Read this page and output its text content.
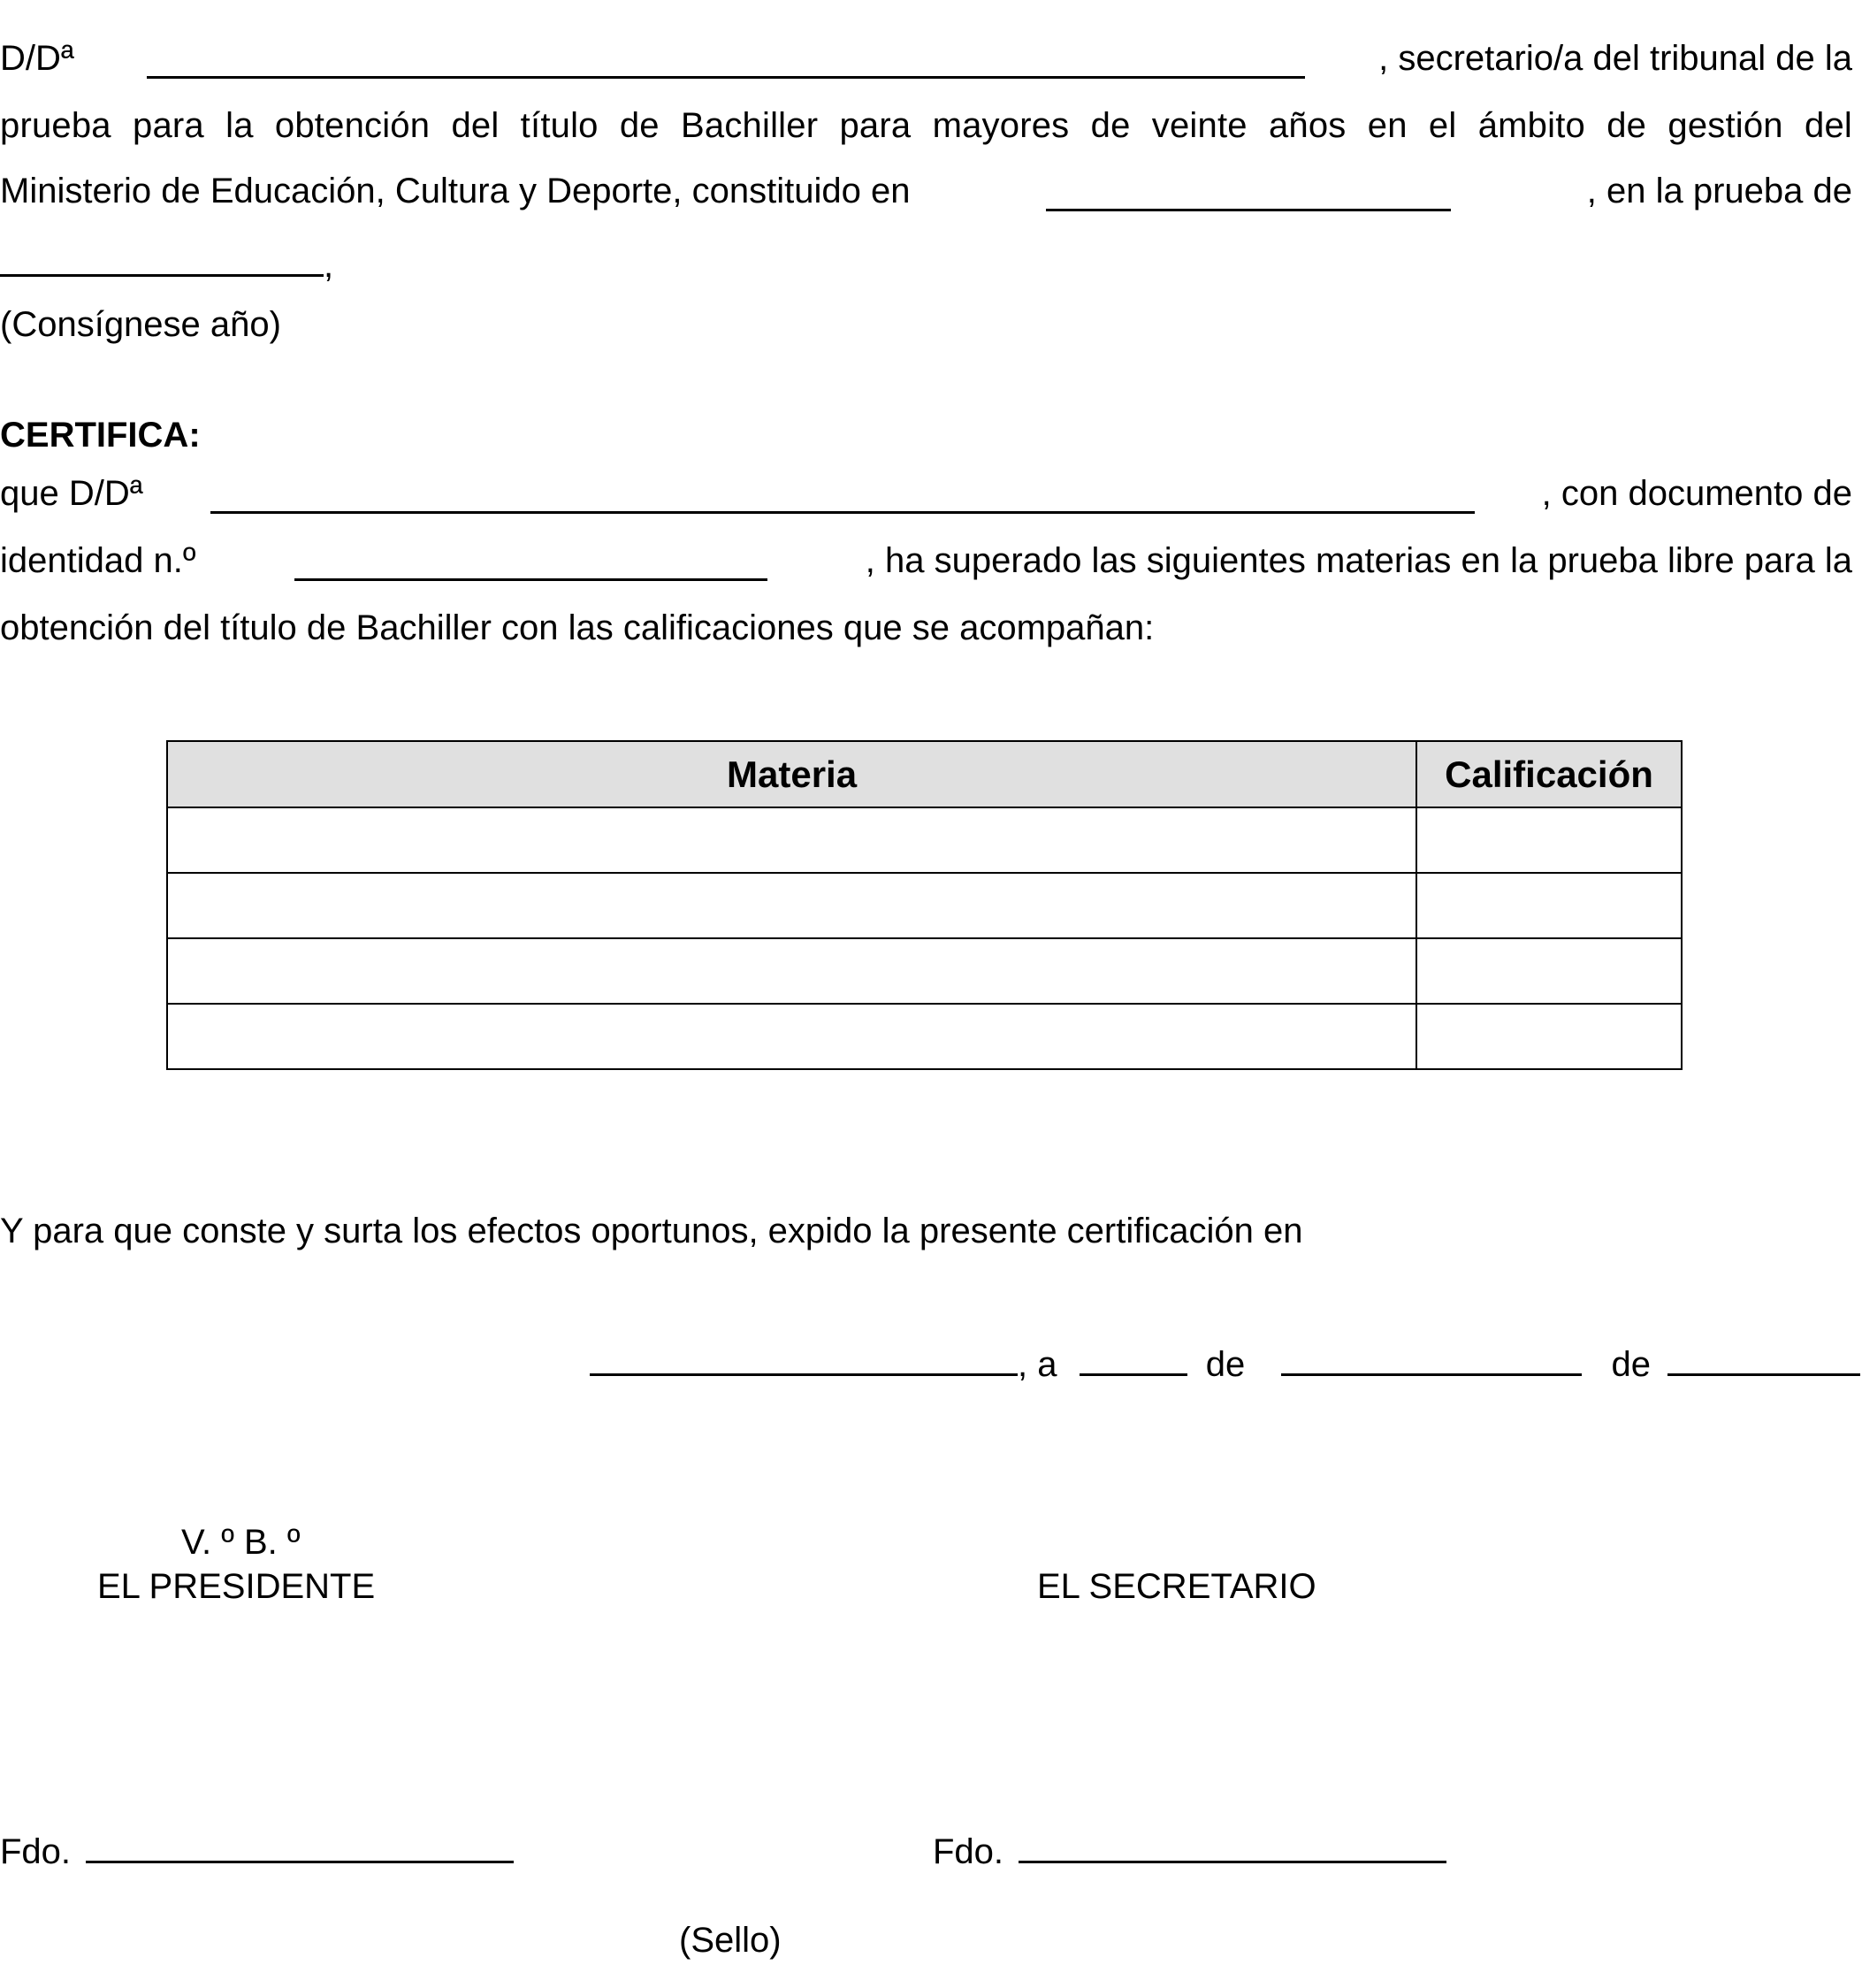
D/Dª	, secretario/a del tribunal de la
prueba para la obtención del título de Bachiller para mayores de veinte años en el ámbito de gestión del
Ministerio de Educación, Cultura y Deporte, constituido en	, en la prueba de
,
(Consígnese año)
CERTIFICA:
que D/Dª	, con documento de
identidad n.º	, ha superado las siguientes materias en la prueba libre para la
obtención del título de Bachiller con las calificaciones que se acompañan:
Materia	Calificación

Y para que conste y surta los efectos oportunos, expido la presente certificación en
, a	de	de
V. º B. º
EL PRESIDENTE	EL SECRETARIO
Fdo.	Fdo.
(Sello)
